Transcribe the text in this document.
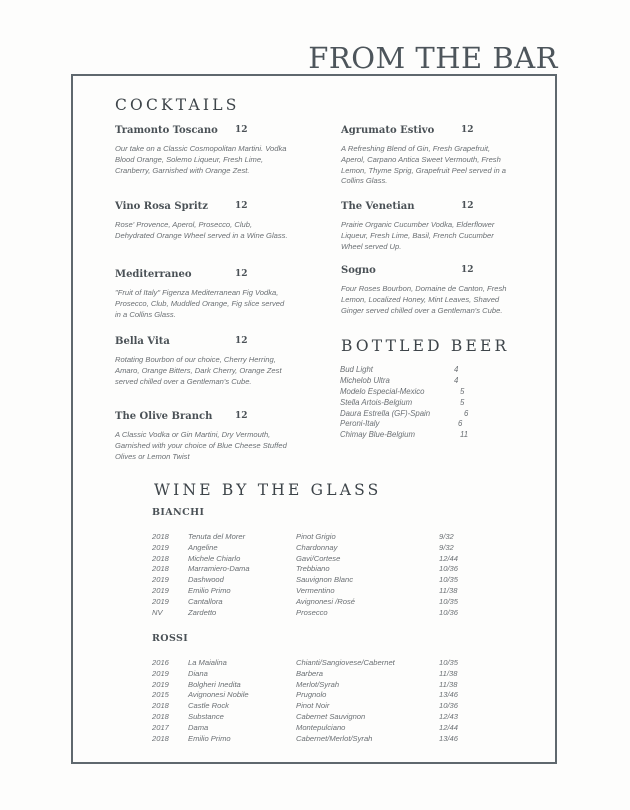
FROM THE BAR
COCKTAILS
Tramonto Toscano 12
Our take on a Classic Cosmopolitan Martini. Vodka Blood Orange, Solemo Liqueur, Fresh Lime, Cranberry, Garnished with Orange Zest.
Vino Rosa Spritz	12
Rose' Provence, Aperol, Prosecco, Club, Dehydrated Orange Wheel served in a Wine Glass.
Mediterraneo	12
"Fruit of Italy" Figenza Mediterranean Fig Vodka, Prosecco, Club, Muddled Orange, Fig slice served in a Collins Glass.
Bella Vita	12
Rotating Bourbon of our choice, Cherry Herring, Amaro, Orange Bitters, Dark Cherry, Orange Zest served chilled over a Gentleman's Cube.
The Olive Branch	12
A Classic Vodka or Gin Martini, Dry Vermouth, Garnished with your choice of Blue Cheese Stuffed Olives or Lemon Twist
Agrumato Estivo	12
A Refreshing Blend of Gin, Fresh Grapefruit, Aperol, Carpano Antica Sweet Vermouth, Fresh Lemon, Thyme Sprig, Grapefruit Peel served in a Collins Glass.
The Venetian	12
Prairie Organic Cucumber Vodka, Elderflower Liqueur, Fresh Lime, Basil, French Cucumber Wheel served Up.
Sogno	12
Four Roses Bourbon, Domaine de Canton, Fresh Lemon, Localized Honey, Mint Leaves, Shaved Ginger served chilled over a Gentleman's Cube.
BOTTLED BEER
Bud Light	4
Michelob Ultra	4
Modelo Especial-Mexico	5
Stella Artois-Belgium	5
Daura Estrella (GF)-Spain	6
Peroni-Italy	6
Chimay Blue-Belgium	11
WINE BY THE GLASS
BIANCHI
2018	Tenuta del Morer	Pinot Grigio	9/32
2019	Angeline	Chardonnay	9/32
2018	Michele Chiarlo	Gavi/Cortese	12/44
2018	Marramiero-Dama	Trebbiano	10/36
2019	Dashwood	Sauvignon Blanc	10/35
2019	Emilio Primo	Vermentino	11/38
2019	Cantallora	Avignonesi /Rosé	10/35
NV	Zardetto	Prosecco	10/36
ROSSI
2016	La Maialina	Chianti/Sangiovese/Cabernet	10/35
2019	Diana	Barbera	11/38
2019	Bolgheri Inedita	Merlot/Syrah	11/38
2015	Avignonesi Nobile	Prugnolo	13/46
2018	Castle Rock	Pinot Noir	10/36
2018	Substance	Cabernet Sauvignon	12/43
2017	Dama	Montepulciano	12/44
2018	Emilio Primo	Cabernet/Merlot/Syrah	13/46
